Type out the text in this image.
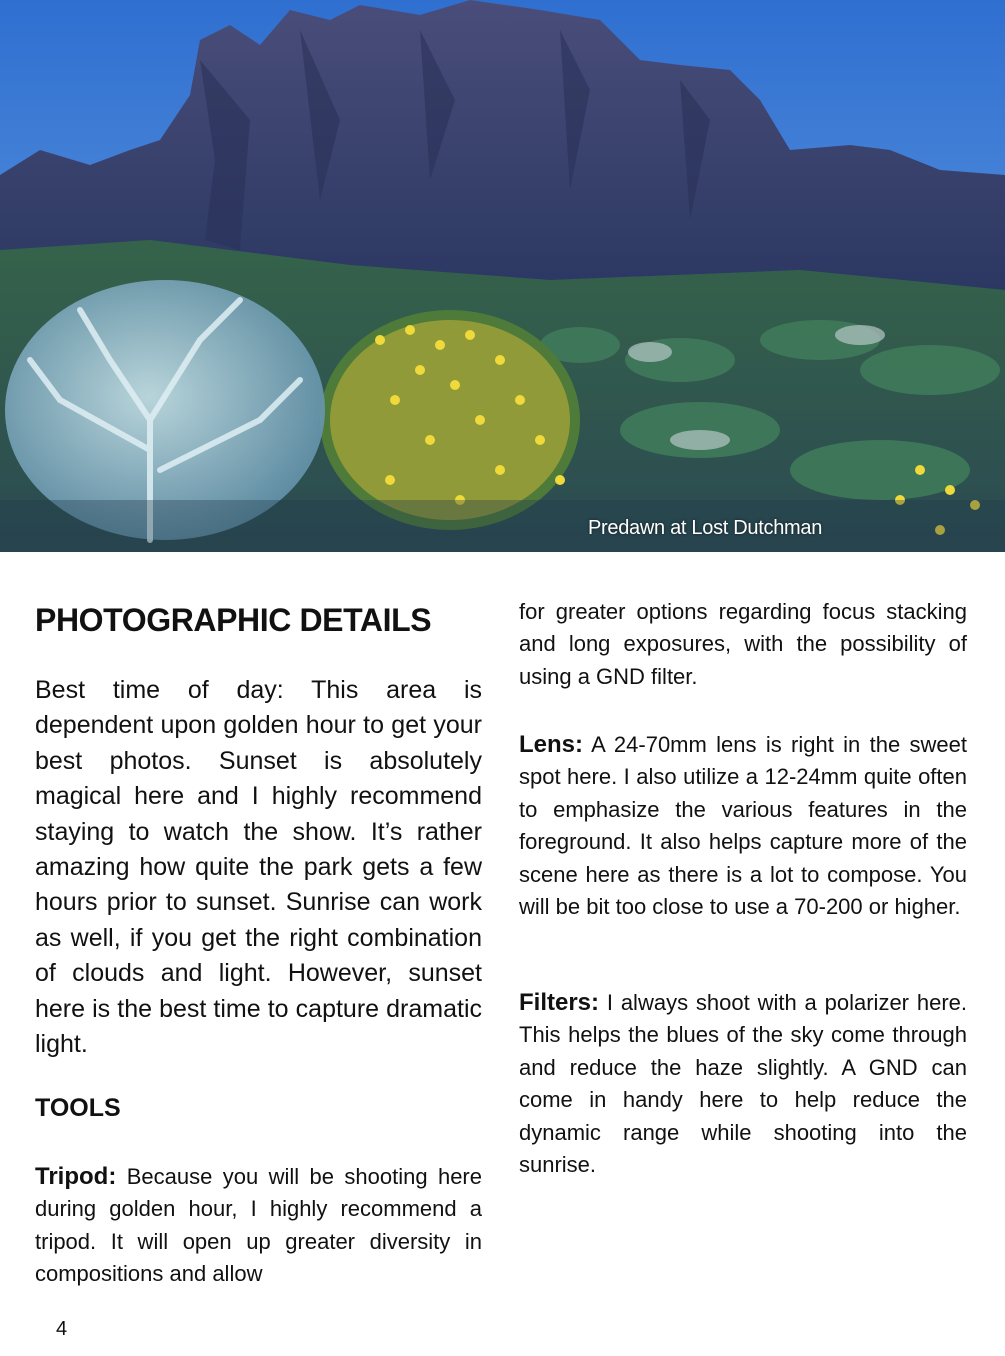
Predawn at Lost Dutchman
PHOTOGRAPHIC DETAILS

Best time of day: This area is dependent upon golden hour to get your best photos. Sunset is absolutely magical here and I highly recommend staying to watch the show. It’s rather amazing how quite the park gets a few hours prior to sunset. Sunrise can work as well, if you get the right combination of clouds and light. However, sunset here is the best time to capture dramatic light.

TOOLS

Tripod: Because you will be shooting here during golden hour, I highly recommend a tripod. It will open up greater diversity in compositions and allow

for greater options regarding focus stacking and long exposures, with the possibility of using a GND filter.

Lens: A 24-70mm lens is right in the sweet spot here. I also utilize a 12-24mm quite often to emphasize the various features in the foreground. It also helps capture more of the scene here as there is a lot to compose. You will be bit too close to use a 70-200 or higher.

Filters: I always shoot with a polarizer here. This helps the blues of the sky come through and reduce the haze slightly. A GND can come in handy here to help reduce the dynamic range while shooting into the sunrise.

4
